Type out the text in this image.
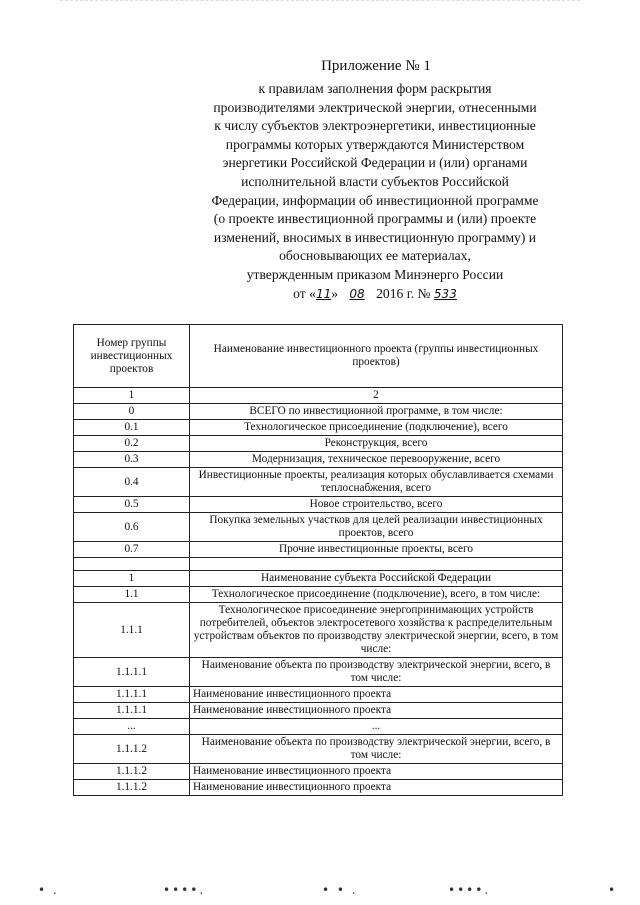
Приложение № 1
к правилам заполнения форм раскрытия
производителями электрической энергии, отнесенными
к числу субъектов электроэнергетики, инвестиционные
программы которых утверждаются Министерством
энергетики Российской Федерации и (или) органами
исполнительной власти субъектов Российской
Федерации, информации об инвестиционной программе
(о проекте инвестиционной программы и (или) проекте
изменений, вносимых в инвестиционную программу) и
обосновывающих ее материалах,
утвержденным приказом Минэнерго России
от «11» 08 2016 г. № 533
Номер группы инвестиционных проектов	Наименование инвестиционного проекта (группы инвестиционных проектов)
1	2
0	ВСЕГО по инвестиционной программе, в том числе:
0.1	Технологическое присоединение (подключение), всего
0.2	Реконструкция, всего
0.3	Модернизация, техническое перевооружение, всего
0.4	Инвестиционные проекты, реализация которых обуславливается схемами теплоснабжения, всего
0.5	Новое строительство, всего
0.6	Покупка земельных участков для целей реализации инвестиционных проектов, всего
0.7	Прочие инвестиционные проекты, всего

1	Наименование субъекта Российской Федерации
1.1	Технологическое присоединение (подключение), всего, в том числе:
1.1.1	Технологическое присоединение энергопринимающих устройств потребителей, объектов электросетевого хозяйства к распределительным устройствам объектов по производству электрической энергии, всего, в том числе:
1.1.1.1	Наименование объекта по производству электрической энергии, всего, в том числе:
1.1.1.1	Наименование инвестиционного проекта
1.1.1.1	Наименование инвестиционного проекта
...	...
1.1.1.2	Наименование объекта по производству электрической энергии, всего, в том числе:
1.1.1.2	Наименование инвестиционного проекта
1.1.1.2	Наименование инвестиционного проекта
• .	••••.	• • .	••••.	•
